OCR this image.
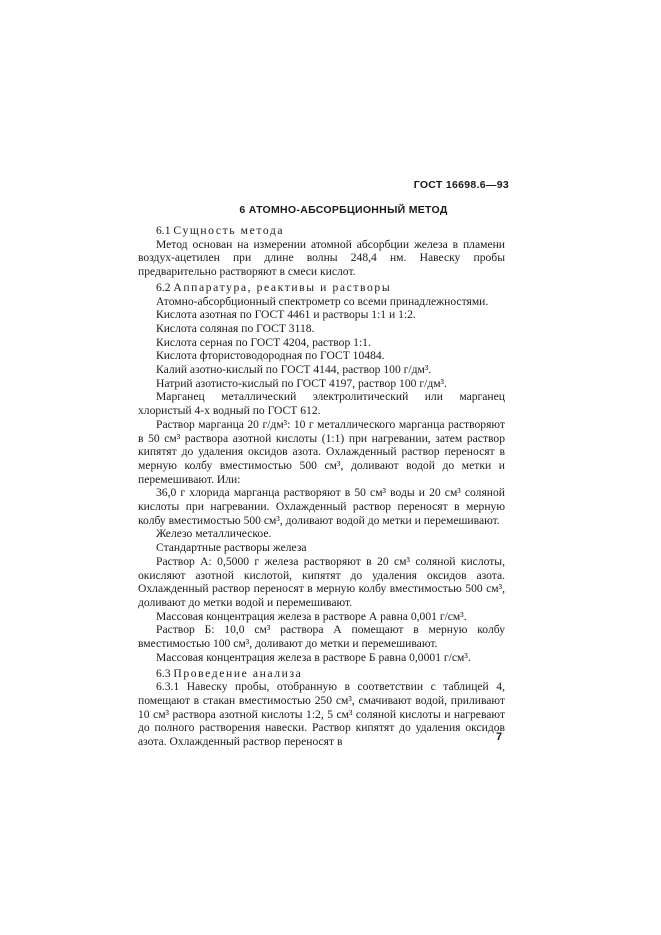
ГОСТ 16698.6—93
6 АТОМНО-АБСОРБЦИОННЫЙ МЕТОД

6.1 Сущность метода

Метод основан на измерении атомной абсорбции железа в пламени воздух-ацетилен при длине волны 248,4 нм. Навеску пробы предварительно растворяют в смеси кислот.

6.2 Аппаратура, реактивы и растворы

Атомно-абсорбционный спектрометр со всеми принадлежностями.

Кислота азотная по ГОСТ 4461 и растворы 1:1 и 1:2.

Кислота соляная по ГОСТ 3118.

Кислота серная по ГОСТ 4204, раствор 1:1.

Кислота фтористоводородная по ГОСТ 10484.

Калий азотно-кислый по ГОСТ 4144, раствор 100 г/дм³.

Натрий азотисто-кислый по ГОСТ 4197, раствор 100 г/дм³.

Марганец металлический электролитический или марганец хлористый 4-х водный по ГОСТ 612.

Раствор марганца 20 г/дм³: 10 г металлического марганца растворяют в 50 см³ раствора азотной кислоты (1:1) при нагревании, затем раствор кипятят до удаления оксидов азота. Охлажденный раствор переносят в мерную колбу вместимостью 500 см³, доливают водой до метки и перемешивают. Или:

36,0 г хлорида марганца растворяют в 50 см³ воды и 20 см³ соляной кислоты при нагревании. Охлажденный раствор переносят в мерную колбу вместимостью 500 см³, доливают водой до метки и перемешивают.

Железо металлическое.

Стандартные растворы железа

Раствор А: 0,5000 г железа растворяют в 20 см³ соляной кислоты, окисляют азотной кислотой, кипятят до удаления оксидов азота. Охлажденный раствор переносят в мерную колбу вместимостью 500 см³, доливают до метки водой и перемешивают.

Массовая концентрация железа в растворе А равна 0,001 г/см³.

Раствор Б: 10,0 см³ раствора А помещают в мерную колбу вместимостью 100 см³, доливают до метки и перемешивают.

Массовая концентрация железа в растворе Б равна 0,0001 г/см³.

6.3 Проведение анализа

6.3.1 Навеску пробы, отобранную в соответствии с таблицей 4, помещают в стакан вместимостью 250 см³, смачивают водой, приливают 10 см³ раствора азотной кислоты 1:2, 5 см³ соляной кислоты и нагревают до полного растворения навески. Раствор кипятят до удаления оксидов азота. Охлажденный раствор переносят в	7
